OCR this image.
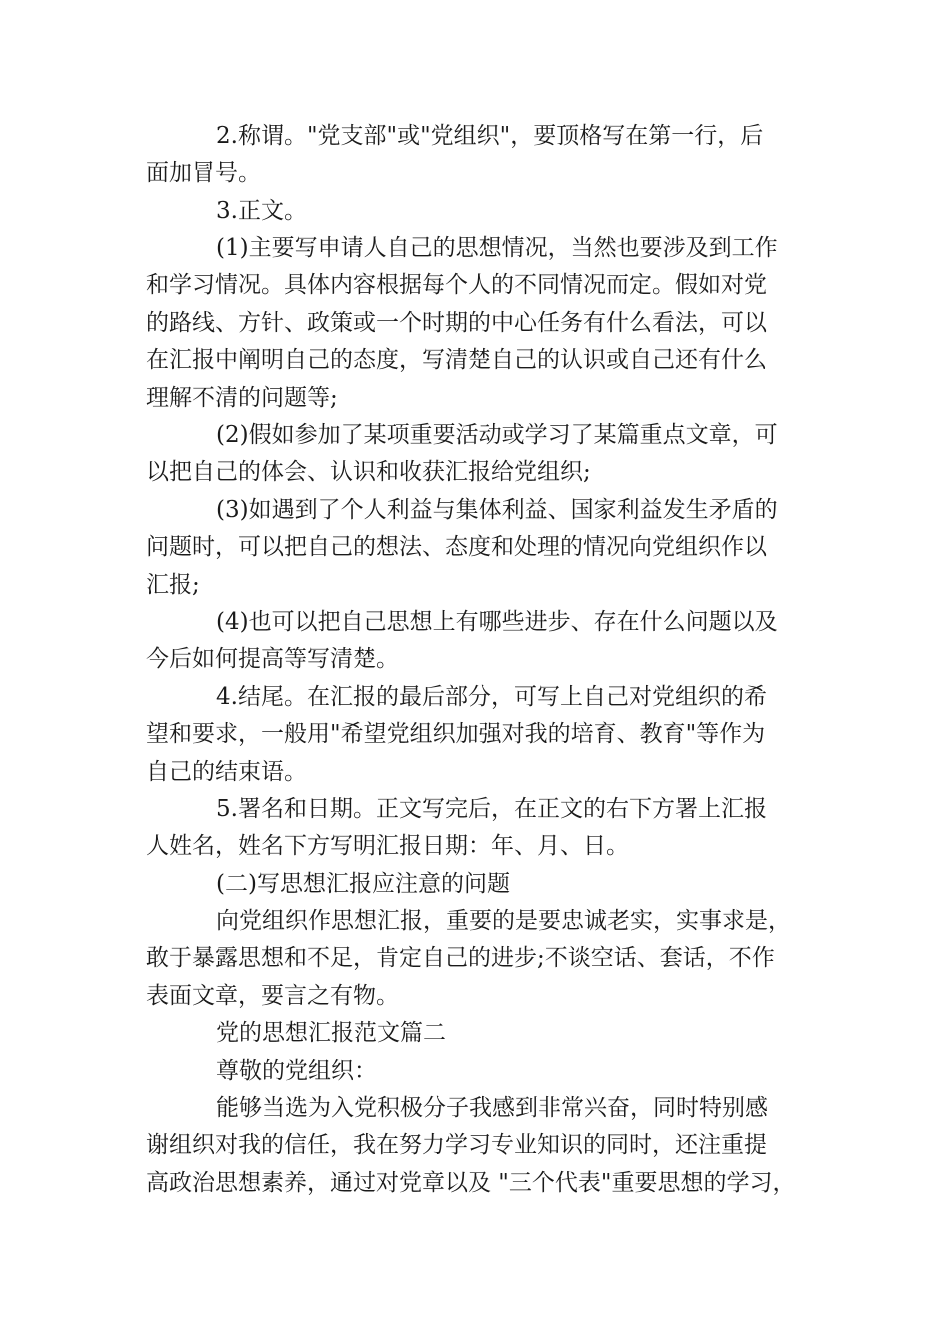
2.称谓。"党支部"或"党组织"，要顶格写在第一行，后
面加冒号。
3.正文。
(1)主要写申请人自己的思想情况，当然也要涉及到工作
和学习情况。具体内容根据每个人的不同情况而定。假如对党
的路线、方针、政策或一个时期的中心任务有什么看法，可以
在汇报中阐明自己的态度，写清楚自己的认识或自己还有什么
理解不清的问题等;
(2)假如参加了某项重要活动或学习了某篇重点文章，可
以把自己的体会、认识和收获汇报给党组织;
(3)如遇到了个人利益与集体利益、国家利益发生矛盾的
问题时，可以把自己的想法、态度和处理的情况向党组织作以
汇报;
(4)也可以把自己思想上有哪些进步、存在什么问题以及
今后如何提高等写清楚。
4.结尾。在汇报的最后部分，可写上自己对党组织的希
望和要求，一般用"希望党组织加强对我的培育、教育"等作为
自己的结束语。
5.署名和日期。正文写完后，在正文的右下方署上汇报
人姓名，姓名下方写明汇报日期：年、月、日。
(二)写思想汇报应注意的问题
向党组织作思想汇报，重要的是要忠诚老实，实事求是，
敢于暴露思想和不足，肯定自己的进步;不谈空话、套话，不作
表面文章，要言之有物。
党的思想汇报范文篇二
尊敬的党组织：
能够当选为入党积极分子我感到非常兴奋，同时特别感
谢组织对我的信任，我在努力学习专业知识的同时，还注重提
高政治思想素养，通过对党章以及 "三个代表"重要思想的学习，
